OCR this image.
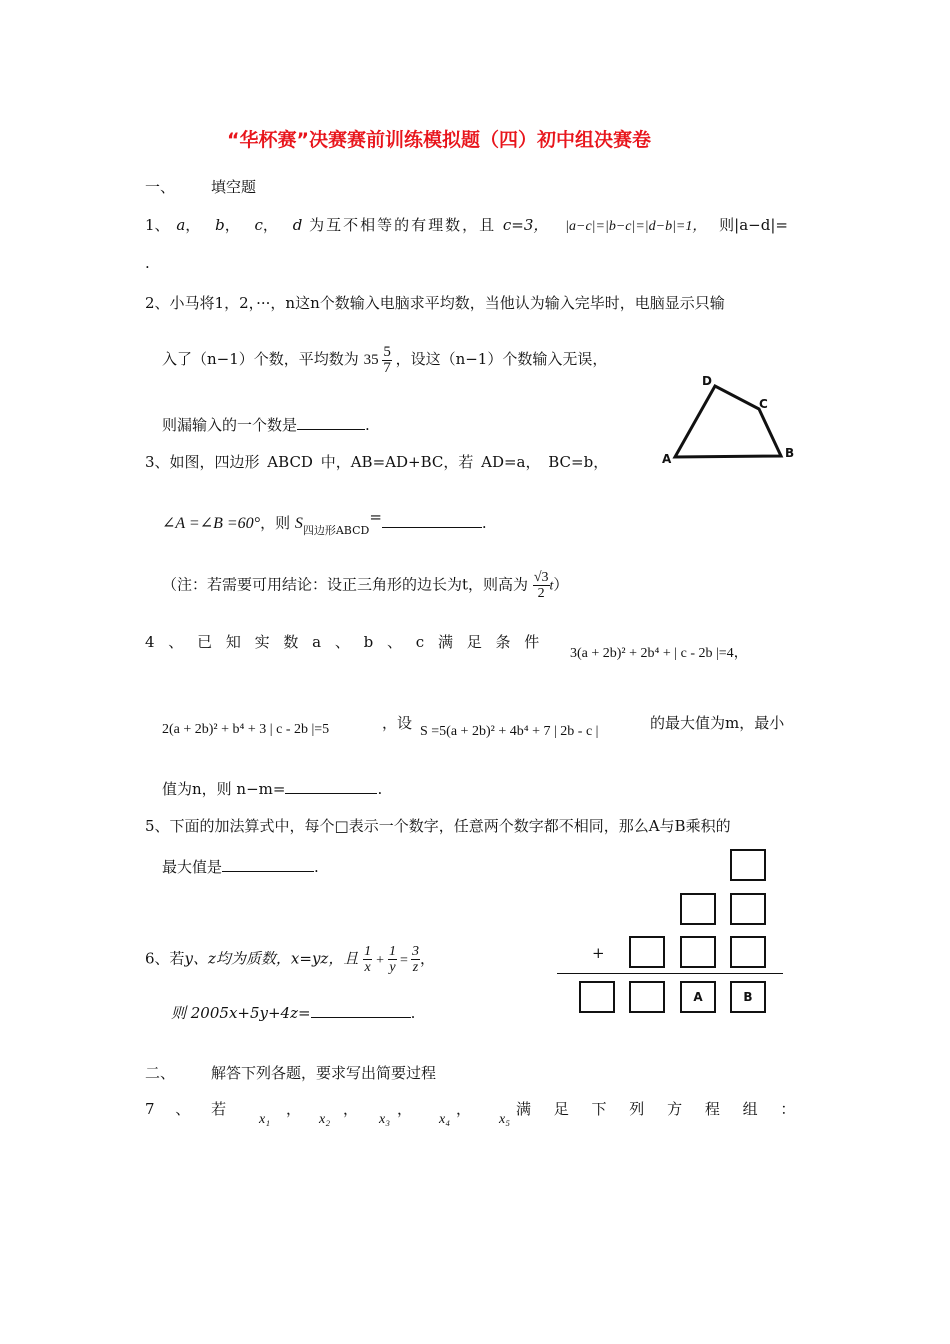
“华杯赛”决赛赛前训练模拟题（四）初中组决赛卷
一、 填空题
1、 a， b， c， d 为互不相等的有理数，且 c=3， |a−c|=|b−c|=|d−b|=1， 则|a−d|=
.
2、小马将1，2，···，n这n个数输入电脑求平均数，当他认为输入完毕时，电脑显示只输
入了（n−1）个数，平均数为 $35 \frac{5}{7}$ ，设这（n−1）个数输入无误，
则漏输入的一个数是	.
D
C
A	B
3、如图，四边形 ABCD 中，AB=AD+BC，若 AD=a， BC=b，
∠A =∠B =60°，则 $S_{四边形ABCD}=$	.
（注：若需要可用结论：设正三角形的边长为t，则高为 $\frac{√3}{2} t$）
4 、 已 知 实 数 a 、 b 、 c 满 足 条 件
3(a + 2b)² + 2b⁴ + | c - 2b |=4，
2(a + 2b)² + b⁴ + 3 | c - 2b |=5	，设 S =5(a + 2b)² + 4b⁴ + 7 | 2b - c |	的最大值为m，最小
值为n，则 n−m=	.
5、下面的加法算式中，每个□表示一个数字，任意两个数字都不相同，那么A与B乘积的
最大值是	.
+
A	B
6、若y、z均为质数，x=yz，且 $\frac{1}{x} + \frac{1}{y} = \frac{3}{z}$ ，
则 2005x+5y+4z=	.
二、 解答下列各题，要求写出简要过程
7 、 若
x₁
，
x₂
，
x₃
，
x₄
，
x₅
满 足 下 列 方 程 组 ：
